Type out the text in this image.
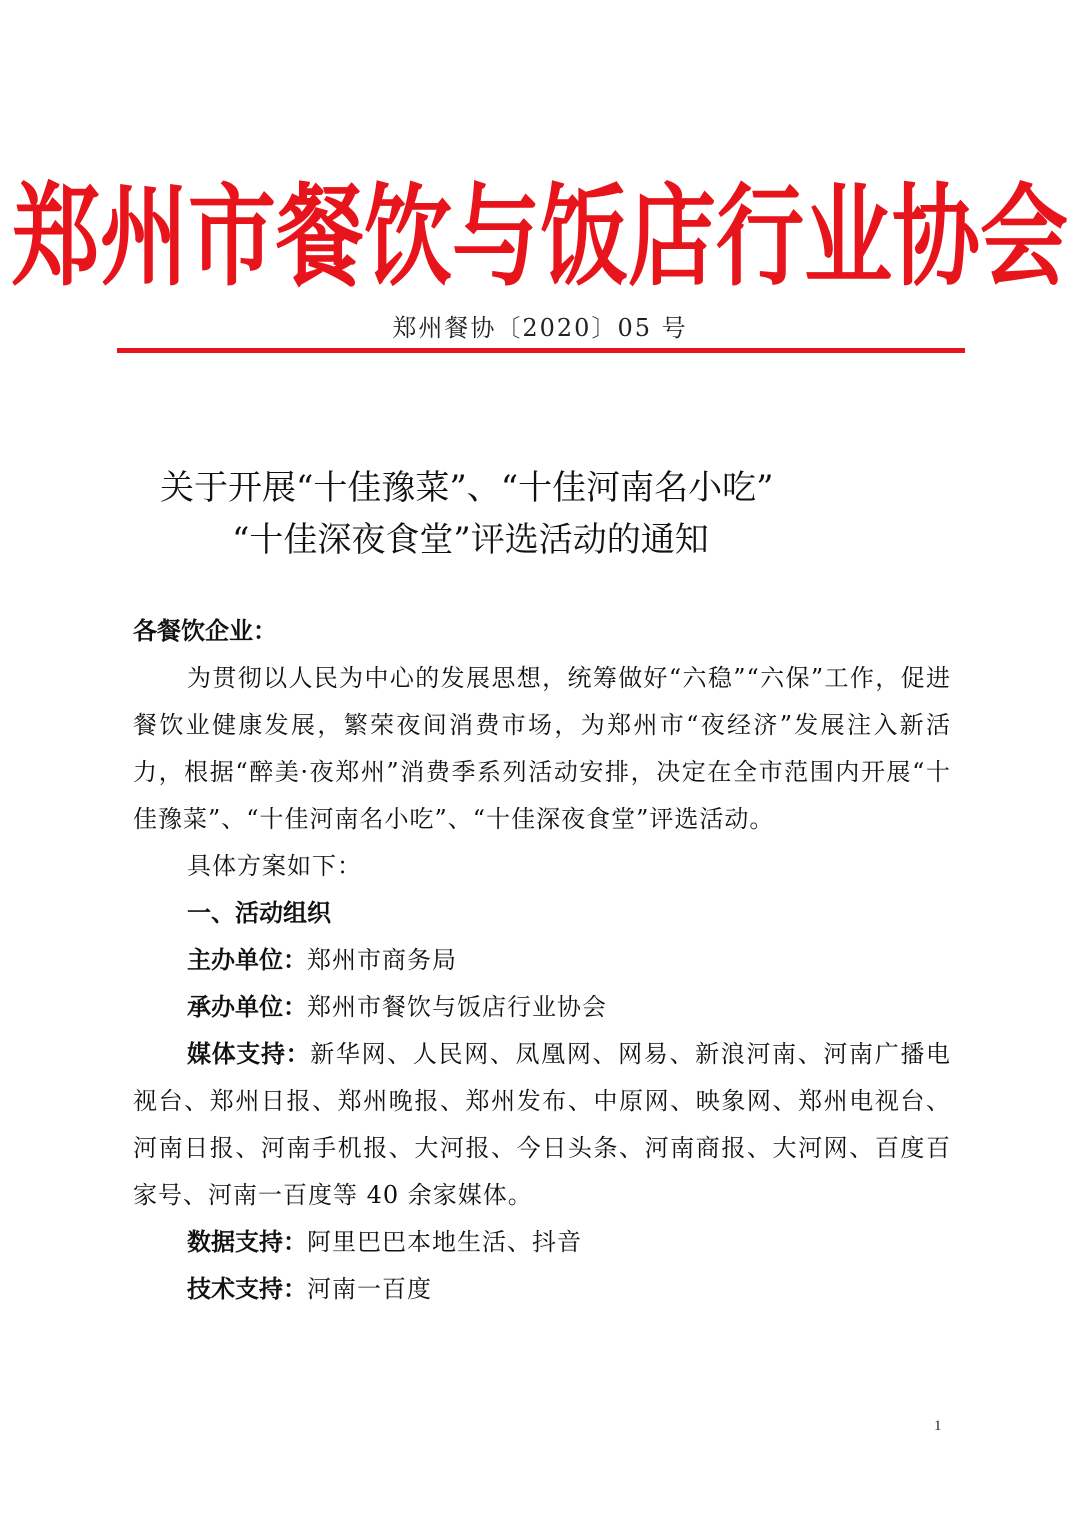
郑州市餐饮与饭店行业协会
郑州餐协〔2020〕05 号
关于开展“十佳豫菜”、“十佳河南名小吃”
“十佳深夜食堂”评选活动的通知
各餐饮企业：
为贯彻以人民为中心的发展思想，统筹做好“六稳”“六保”工作，促进餐饮业健康发展，繁荣夜间消费市场，为郑州市“夜经济”发展注入新活力，根据“醉美·夜郑州”消费季系列活动安排，决定在全市范围内开展“十佳豫菜”、“十佳河南名小吃”、“十佳深夜食堂”评选活动。
具体方案如下：
一、活动组织
主办单位：郑州市商务局
承办单位：郑州市餐饮与饭店行业协会
媒体支持：新华网、人民网、凤凰网、网易、新浪河南、河南广播电视台、郑州日报、郑州晚报、郑州发布、中原网、映象网、郑州电视台、河南日报、河南手机报、大河报、今日头条、河南商报、大河网、百度百家号、河南一百度等 40 余家媒体。
数据支持：阿里巴巴本地生活、抖音
技术支持：河南一百度
1
